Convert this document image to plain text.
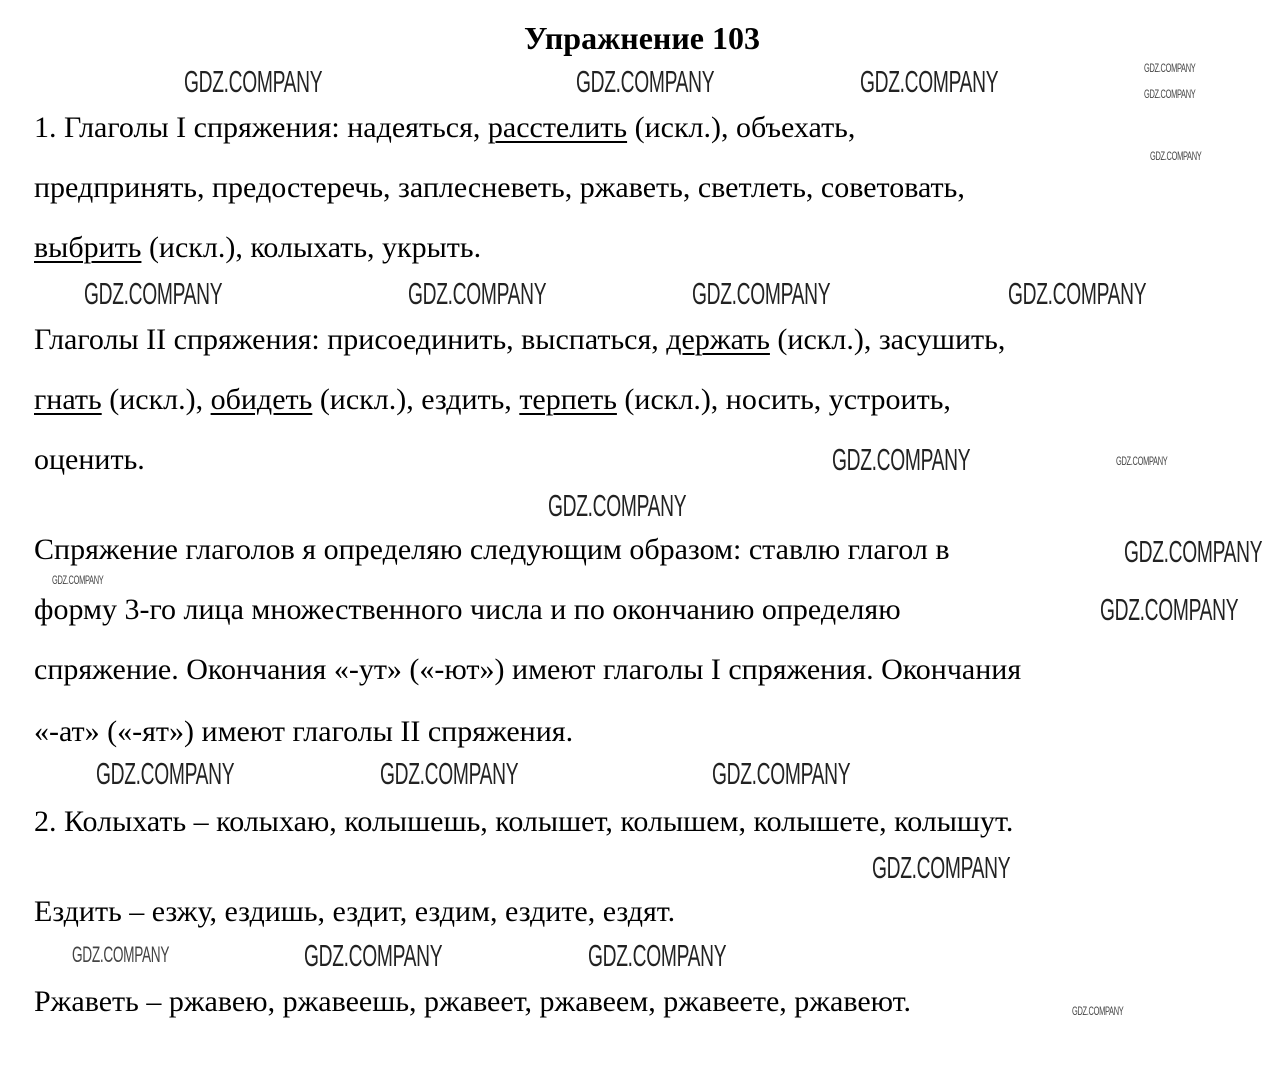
Упражнение 103
1. Глаголы I спряжения: надеяться, расстелить (искл.), объехать,
предпринять, предостеречь, заплесневеть, ржаветь, светлеть, советовать,
выбрить (искл.), колыхать, укрыть.
Глаголы II спряжения: присоединить, выспаться, держать (искл.), засушить,
гнать (искл.), обидеть (искл.), ездить, терпеть (искл.), носить, устроить,
оценить.
Спряжение глаголов я определяю следующим образом: ставлю глагол в
форму 3-го лица множественного числа и по окончанию определяю
спряжение. Окончания «-ут» («-ют») имеют глаголы I спряжения. Окончания
«-ат» («-ят») имеют глаголы II спряжения.
2. Колыхать – колыхаю, колышешь, колышет, колышем, колышете, колышут.
Ездить – езжу, ездишь, ездит, ездим, ездите, ездят.
Ржаветь – ржавею, ржавеешь, ржавеет, ржавеем, ржавеете, ржавеют.
GDZ.COMPANY
GDZ.COMPANY
GDZ.COMPANY
GDZ.COMPANY	GDZ.COMPANY	GDZ.COMPANY
GDZ.COMPANY	GDZ.COMPANY	GDZ.COMPANY	GDZ.COMPANY
GDZ.COMPANY	GDZ.COMPANY
GDZ.COMPANY
GDZ.COMPANY
GDZ.COMPANY
GDZ.COMPANY
GDZ.COMPANY	GDZ.COMPANY	GDZ.COMPANY
GDZ.COMPANY
GDZ.COMPANY	GDZ.COMPANY	GDZ.COMPANY
GDZ.COMPANY
